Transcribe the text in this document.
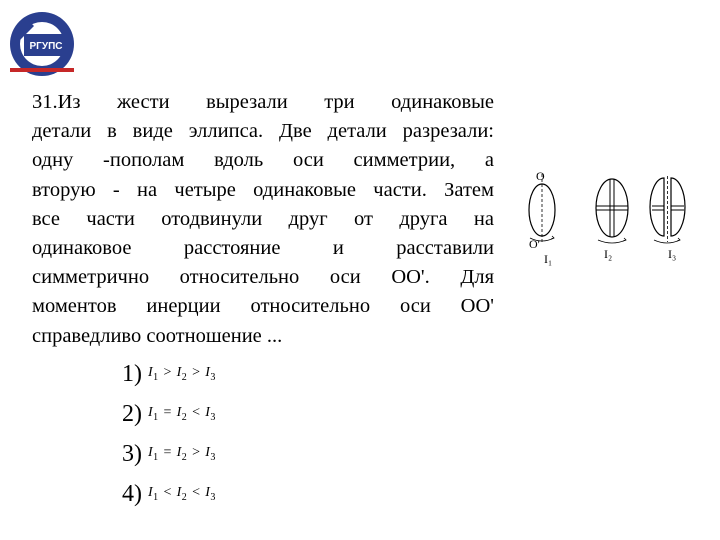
РГУПС
31.Из жести вырезали три одинаковые
детали в виде эллипса. Две детали разрезали:
одну -пополам вдоль оси симметрии, а
вторую - на четыре одинаковые части. Затем
все части отодвинули друг от друга на
одинаковое расстояние и расставили
симметрично относительно оси ОО'. Для
моментов инерции относительно оси ОО'
справедливо соотношение ...
O
O'
I₁	I₂	I₃
1) $I_1 > I_2 > I_3$
2) $I_1 = I_2 < I_3$
3) $I_1 = I_2 > I_3$
4) $I_1 < I_2 < I_3$
